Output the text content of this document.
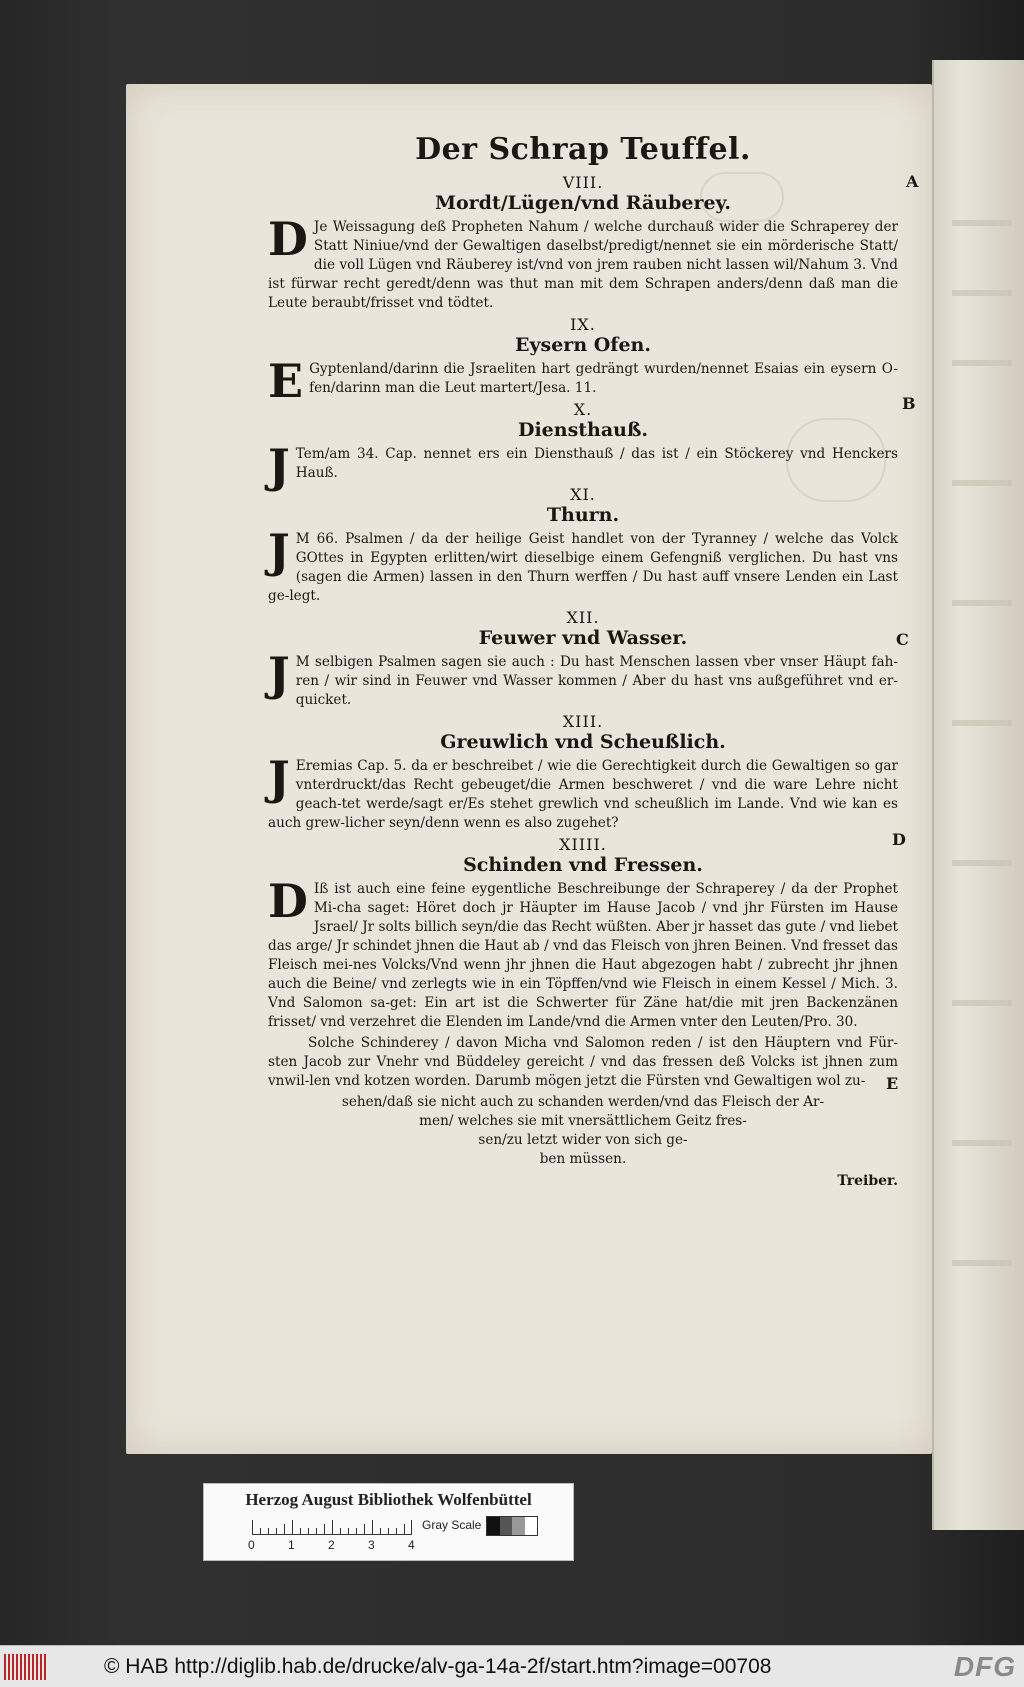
Der Schrap Teuffel.
VIII.
Mordt/Lügen/vnd Räuberey.

D Je Weissagung deß Propheten Nahum / welche durchauß wider die Schraperey der Statt Niniue/vnd der Gewaltigen daselbst/predigt/nennet sie ein mörderische Statt/ die voll Lügen vnd Räuberey ist/vnd von jrem rauben nicht lassen wil/Nahum 3. Vnd ist fürwar recht geredt/denn was thut man mit dem Schrapen anders/denn daß man die Leute beraubt/frisset vnd tödtet.

IX.
Eysern Ofen.

E Gyptenland/darinn die Jsraeliten hart gedrängt wurden/nennet Esaias ein eysern O-fen/darinn man die Leut martert/Jesa. 11.

X.
Diensthauß.

J Tem/am 34. Cap. nennet ers ein Diensthauß / das ist / ein Stöckerey vnd Henckers Hauß.

XI.
Thurn.

J M 66. Psalmen / da der heilige Geist handlet von der Tyranney / welche das Volck GOttes in Egypten erlitten/wirt dieselbige einem Gefengniß verglichen. Du hast vns (sagen die Armen) lassen in den Thurn werffen / Du hast auff vnsere Lenden ein Last ge-legt.

XII.
Feuwer vnd Wasser.

J M selbigen Psalmen sagen sie auch : Du hast Menschen lassen vber vnser Häupt fah-ren / wir sind in Feuwer vnd Wasser kommen / Aber du hast vns außgeführet vnd er-quicket.

XIII.
Greuwlich vnd Scheußlich.

J Eremias Cap. 5. da er beschreibet / wie die Gerechtigkeit durch die Gewaltigen so gar vnterdruckt/das Recht gebeuget/die Armen beschweret / vnd die ware Lehre nicht geach-tet werde/sagt er/Es stehet grewlich vnd scheußlich im Lande. Vnd wie kan es auch grew-licher seyn/denn wenn es also zugehet?

XIIII.
Schinden vnd Fressen.

D Iß ist auch eine feine eygentliche Beschreibunge der Schraperey / da der Prophet Mi-cha saget: Höret doch jr Häupter im Hause Jacob / vnd jhr Fürsten im Hause Jsrael/ Jr solts billich seyn/die das Recht wüßten. Aber jr hasset das gute / vnd liebet das arge/ Jr schindet jhnen die Haut ab / vnd das Fleisch von jhren Beinen. Vnd fresset das Fleisch mei-nes Volcks/Vnd wenn jhr jhnen die Haut abgezogen habt / zubrecht jhr jhnen auch die Beine/ vnd zerlegts wie in ein Töpffen/vnd wie Fleisch in einem Kessel / Mich. 3. Vnd Salomon sa-get: Ein art ist die Schwerter für Zäne hat/die mit jren Backenzänen frisset/ vnd verzehret die Elenden im Lande/vnd die Armen vnter den Leuten/Pro. 30.

Solche Schinderey / davon Micha vnd Salomon reden / ist den Häuptern vnd Für-sten Jacob zur Vnehr vnd Büddeley gereicht / vnd das fressen deß Volcks ist jhnen zum vnwil-len vnd kotzen worden. Darumb mögen jetzt die Fürsten vnd Gewaltigen wol zu-

sehen/daß sie nicht auch zu schanden werden/vnd das Fleisch der Ar-
men/ welches sie mit vnersättlichem Geitz fres-
sen/zu letzt wider von sich ge-
ben müssen.
Treiber.
A
B
C
D
E
Herzog August Bibliothek Wolfenbüttel
0	1	2	3	4
Gray Scale
© HAB http://diglib.hab.de/drucke/alv-ga-14a-2f/start.htm?image=00708	DFG
